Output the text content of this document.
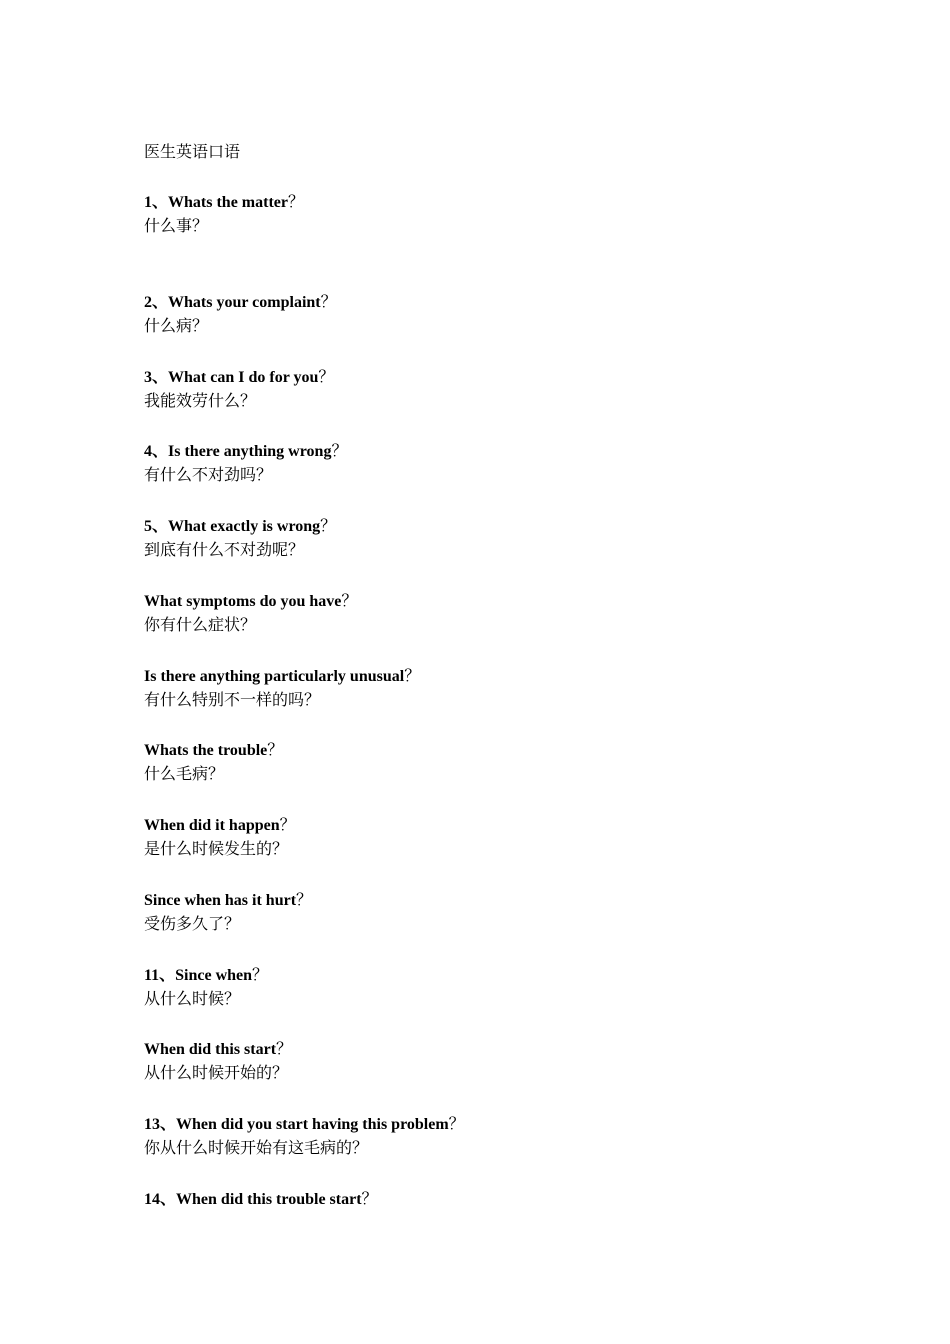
医生英语口语
1、Whats the matter？
什么事？
2、Whats your complaint？
什么病？
3、What can I do for you？
我能效劳什么？
4、Is there anything wrong？
有什么不对劲吗？
5、What exactly is wrong？
到底有什么不对劲呢？
What symptoms do you have？
你有什么症状？
Is there anything particularly unusual？
有什么特别不一样的吗？
Whats the trouble？
什么毛病？
When did it happen？
是什么时候发生的？
Since when has it hurt？
受伤多久了？
11、Since when？
从什么时候？
When did this start？
从什么时候开始的？
13、When did you start having this problem？
你从什么时候开始有这毛病的？
14、When did this trouble start？
